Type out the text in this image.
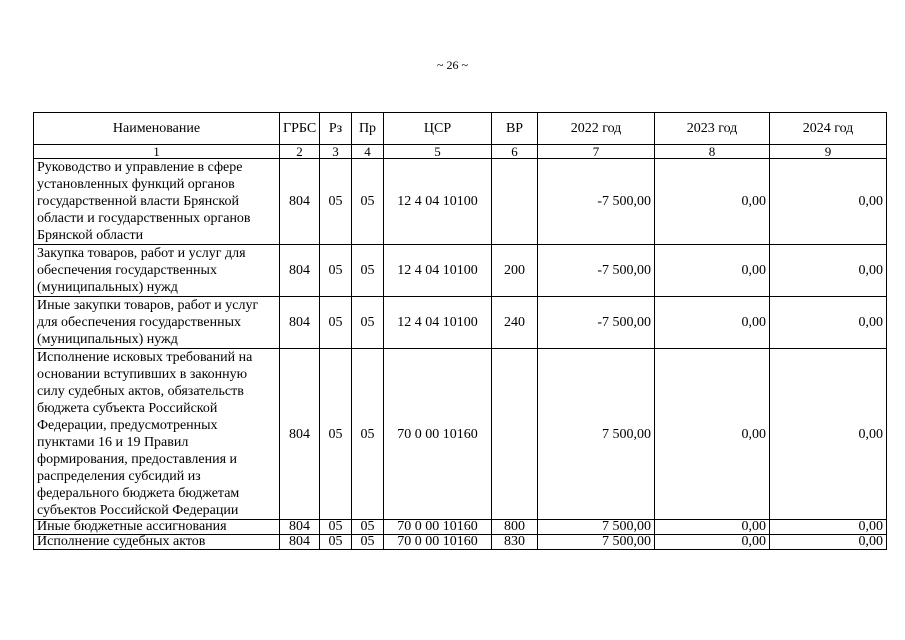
~ 26 ~
Наименование	ГРБС	Рз	Пр	ЦСР	ВР	2022 год	2023 год	2024 год
1	2	3	4	5	6	7	8	9
Руководство и управление в сфере установленных функций органов государственной власти Брянской области и государственных органов Брянской области	804	05	05	12 4 04 10100		-7 500,00	0,00	0,00
Закупка товаров, работ и услуг для обеспечения государственных (муниципальных) нужд	804	05	05	12 4 04 10100	200	-7 500,00	0,00	0,00
Иные закупки товаров, работ и услуг для обеспечения государственных (муниципальных) нужд	804	05	05	12 4 04 10100	240	-7 500,00	0,00	0,00
Исполнение исковых требований на основании вступивших в законную силу судебных актов, обязательств бюджета субъекта Российской Федерации, предусмотренных пунктами 16 и 19 Правил формирования, предоставления и распределения субсидий из федерального бюджета бюджетам субъектов Российской Федерации	804	05	05	70 0 00 10160		7 500,00	0,00	0,00
Иные бюджетные ассигнования	804	05	05	70 0 00 10160	800	7 500,00	0,00	0,00
Исполнение судебных актов	804	05	05	70 0 00 10160	830	7 500,00	0,00	0,00
